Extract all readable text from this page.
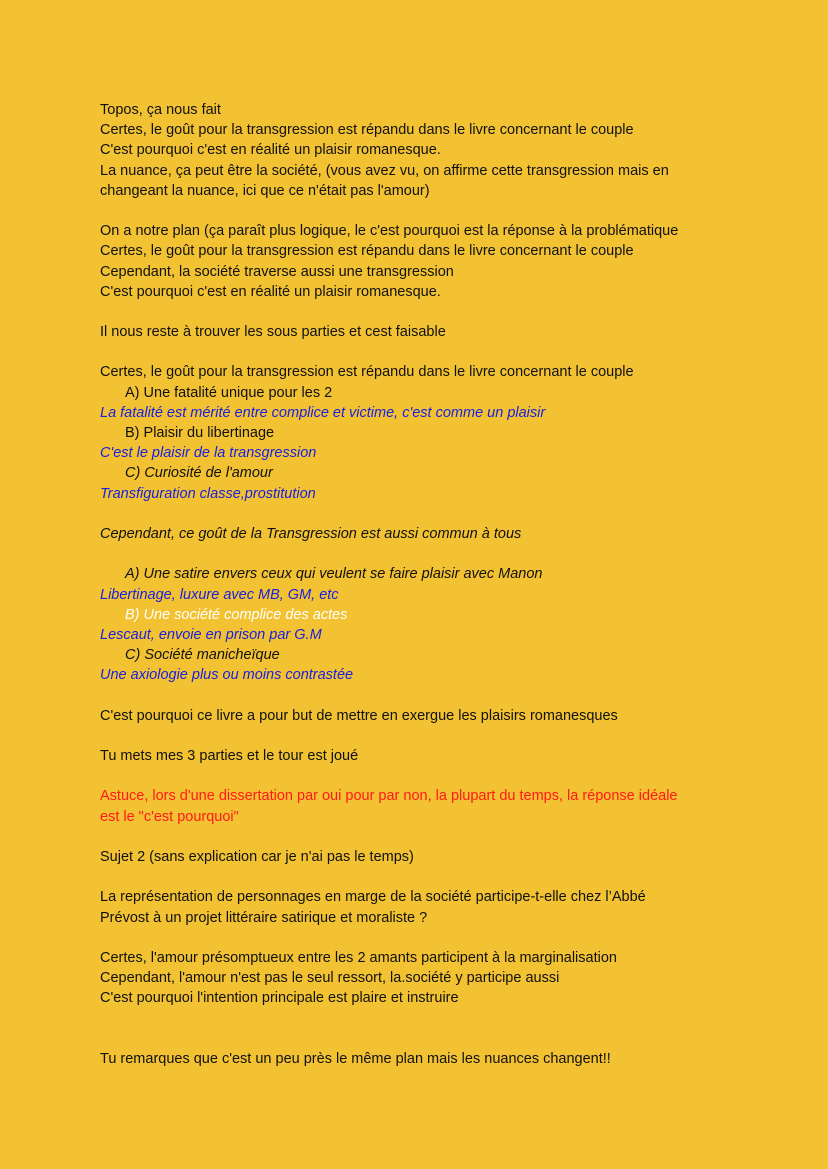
Topos, ça nous fait
Certes, le goût pour la transgression est répandu dans le livre concernant le couple
C'est pourquoi c'est en réalité un plaisir romanesque.
La nuance, ça peut être la société, (vous avez vu, on affirme cette transgression mais en
changeant la nuance, ici que ce n'était pas l'amour)
On a notre plan (ça paraît plus logique, le c'est pourquoi est la réponse à la problématique
Certes, le goût pour la transgression est répandu dans le livre concernant le couple
Cependant, la société traverse aussi une transgression
C'est pourquoi c'est en réalité un plaisir romanesque.
Il nous reste à trouver les sous parties et cest faisable
Certes, le goût pour la transgression est répandu dans le livre concernant le couple
A) Une fatalité unique pour les 2
La fatalité est mérité entre complice et victime, c'est comme un plaisir
B) Plaisir du libertinage
C'est le plaisir de la transgression
C) Curiosité de l'amour
Transfiguration classe,prostitution
Cependant, ce goût de la Transgression est aussi commun à tous
A) Une satire envers ceux qui veulent se faire plaisir avec Manon
Libertinage, luxure avec MB, GM, etc
B) Une société complice des actes
Lescaut, envoie en prison par G.M
C) Société manicheïque
Une axiologie plus ou moins contrastée
C'est pourquoi ce livre a pour but de mettre en exergue les plaisirs romanesques
Tu mets mes 3 parties et le tour est joué
Astuce, lors d'une dissertation par oui pour par non, la plupart du temps, la réponse idéale
est le "c'est pourquoi"
Sujet 2 (sans explication car je n'ai pas le temps)
La représentation de personnages en marge de la société participe-t-elle chez l’Abbé
Prévost à un projet littéraire satirique et moraliste ?
Certes, l'amour présomptueux entre les 2 amants participent à la marginalisation
Cependant, l'amour n'est pas le seul ressort, la.société y participe aussi
C'est pourquoi l'intention principale est plaire et instruire
Tu remarques que c'est un peu près le même plan mais les nuances changent!!
